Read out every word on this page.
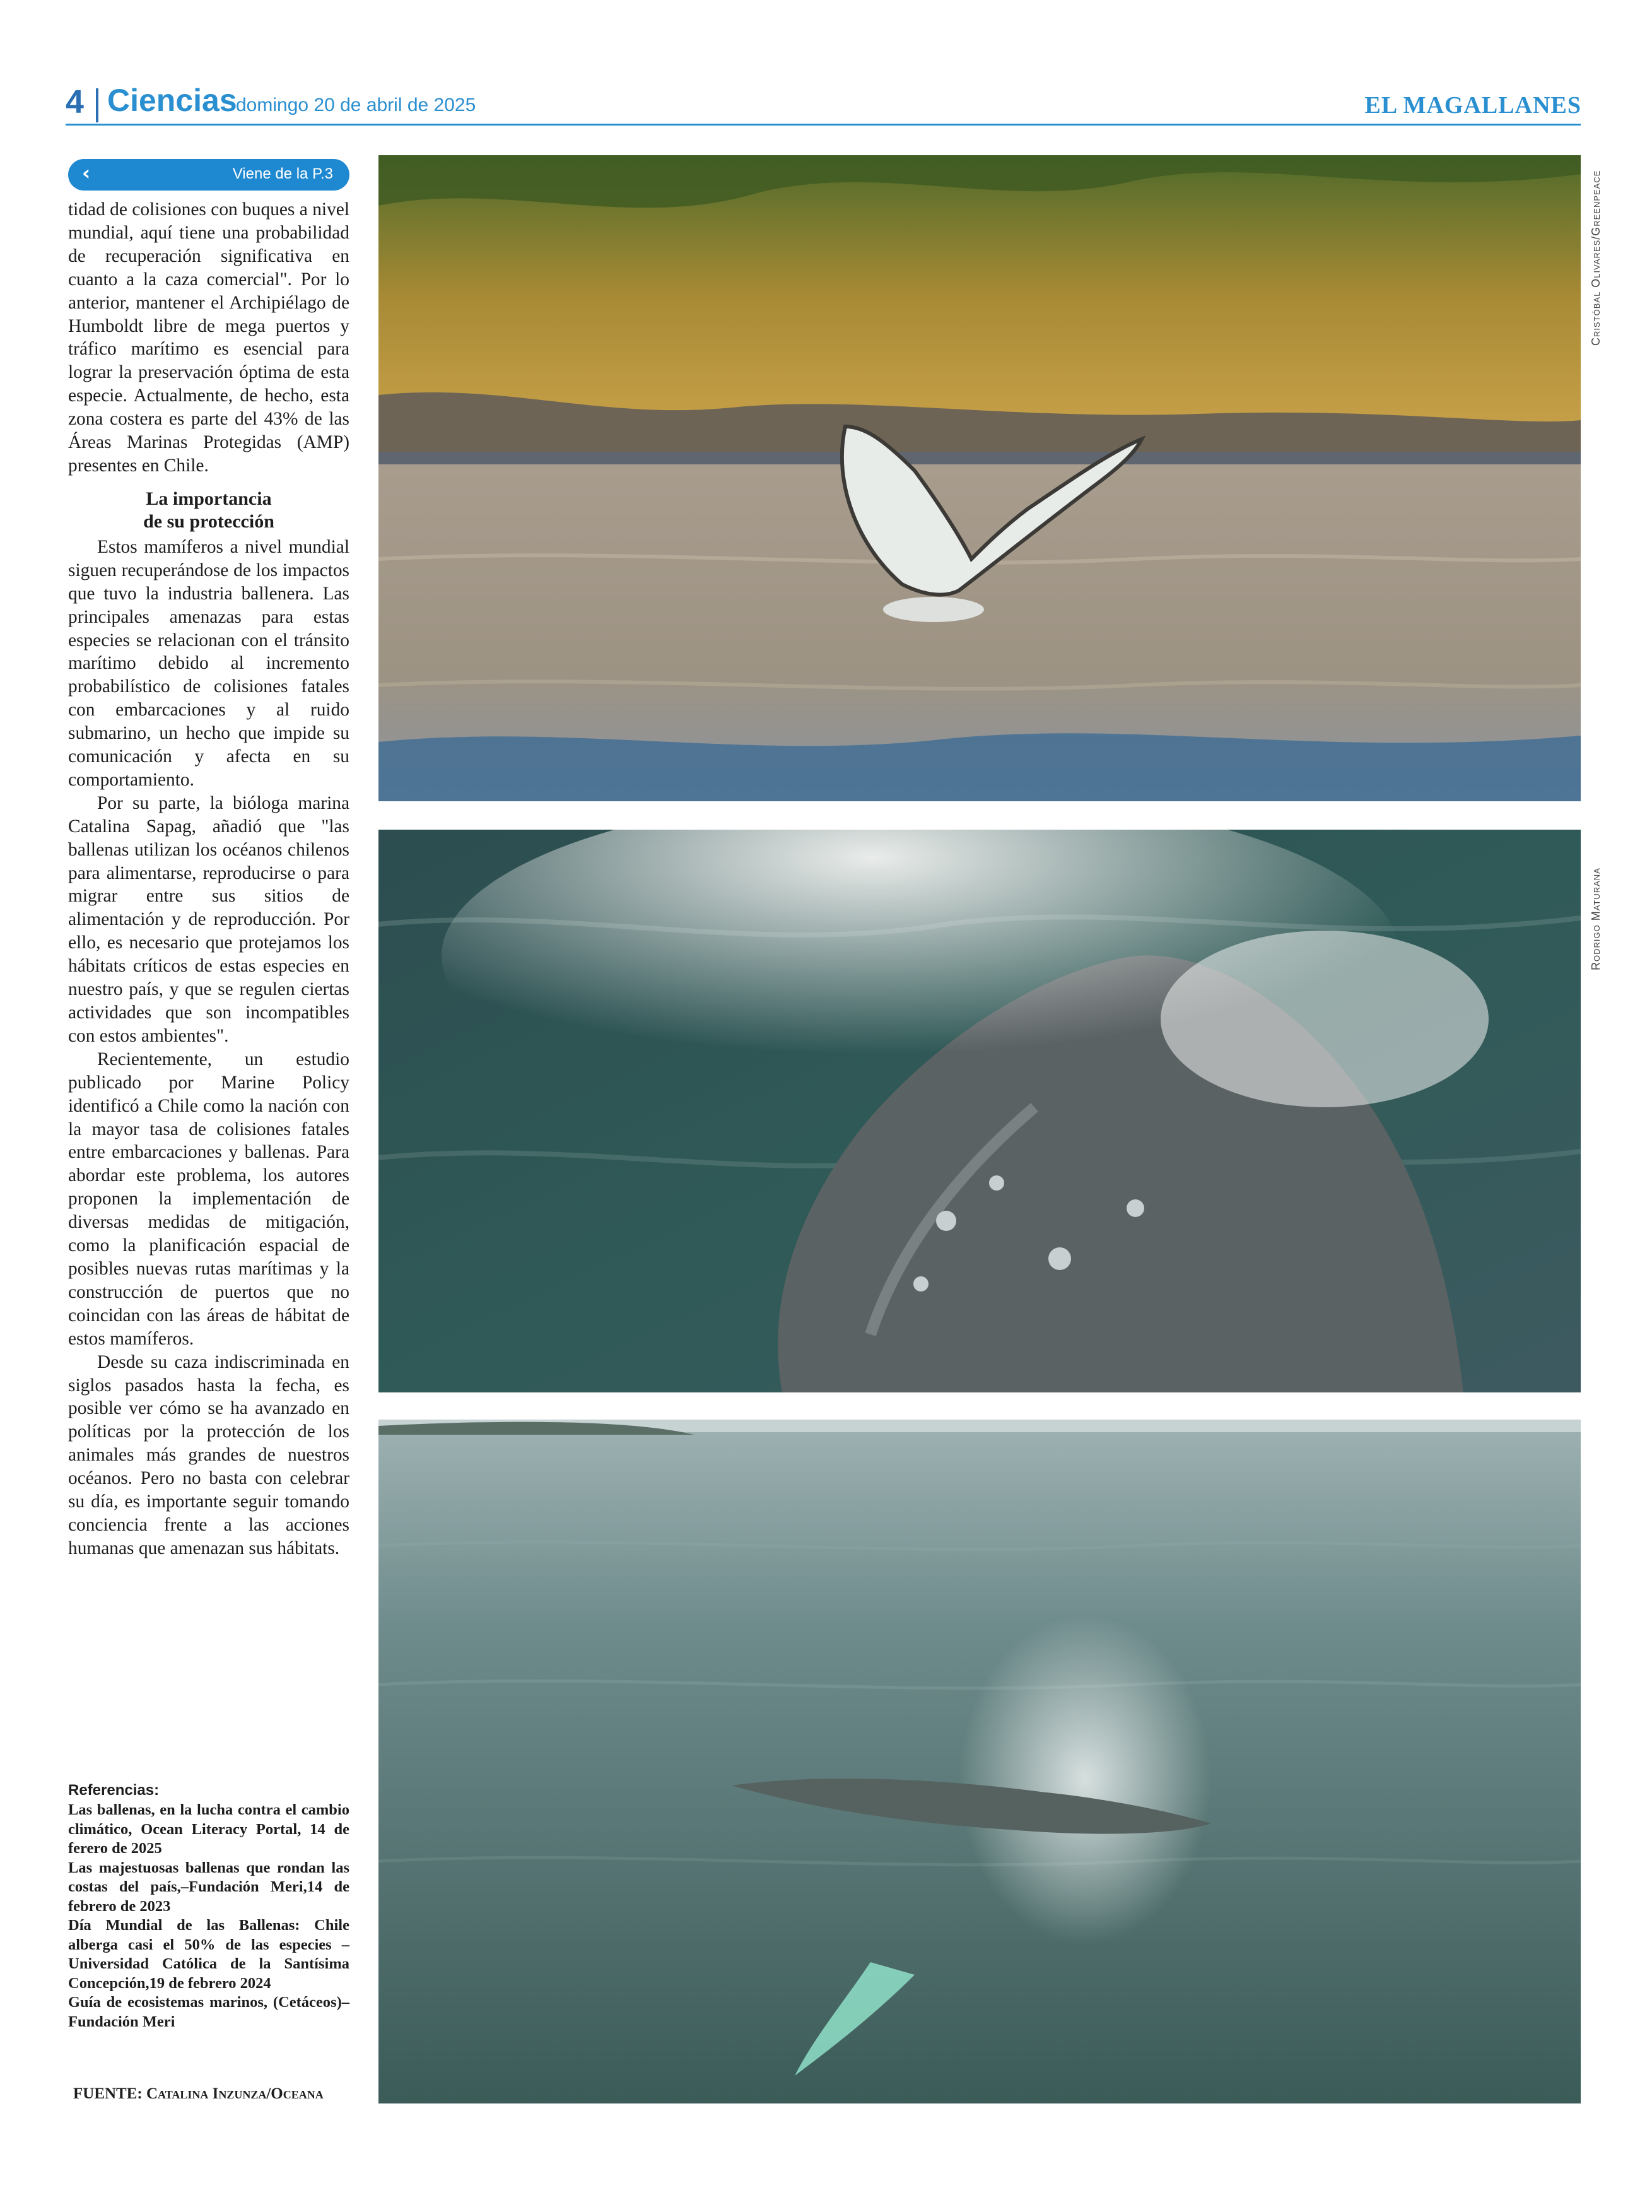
4 Ciencias
domingo 20 de abril de 2025	EL MAGALLANES
‹	Viene de la P.3

tidad de colisiones con buques a nivel mundial, aquí tiene una probabilidad de recuperación significativa en cuanto a la caza comercial". Por lo anterior, mantener el Archipiélago de Humboldt libre de mega puertos y tráfico marítimo es esencial para lograr la preservación óptima de esta especie. Actualmente, de hecho, esta zona costera es parte del 43% de las Áreas Marinas Protegidas (AMP) presentes en Chile.

La importancia
de su protección

Estos mamíferos a nivel mundial siguen recuperándose de los impactos que tuvo la industria ballenera. Las principales amenazas para estas especies se relacionan con el tránsito marítimo debido al incremento probabilístico de colisiones fatales con embarcaciones y al ruido submarino, un hecho que impide su comunicación y afecta en su comportamiento.

Por su parte, la bióloga marina Catalina Sapag, añadió que "las ballenas utilizan los océanos chilenos para alimentarse, reproducirse o para migrar entre sus sitios de alimentación y de reproducción. Por ello, es necesario que protejamos los hábitats críticos de estas especies en nuestro país, y que se regulen ciertas actividades que son incompatibles con estos ambientes".

Recientemente, un estudio publicado por Marine Policy identificó a Chile como la nación con la mayor tasa de colisiones fatales entre embarcaciones y ballenas. Para abordar este problema, los autores proponen la implementación de diversas medidas de mitigación, como la planificación espacial de posibles nuevas rutas marítimas y la construcción de puertos que no coincidan con las áreas de hábitat de estos mamíferos.

Desde su caza indiscriminada en siglos pasados hasta la fecha, es posible ver cómo se ha avanzado en políticas por la protección de los animales más grandes de nuestros océanos. Pero no basta con celebrar su día, es importante seguir tomando conciencia frente a las acciones humanas que amenazan sus hábitats.

Referencias:

Las ballenas, en la lucha contra el cambio climático, Ocean Literacy Portal, 14 de ferero de 2025

Las majestuosas ballenas que rondan las costas del país,–Fundación Meri,14 de febrero de 2023

Día Mundial de las Ballenas: Chile alberga casi el 50% de las especies – Universidad Católica de la Santísima Concepción,19 de febrero 2024

Guía de ecosistemas marinos, (Cetáceos)– Fundación Meri

FUENTE: Catalina Inzunza/Oceana
Cristóbal Olivares/Greenpeace
Rodrigo Maturana
